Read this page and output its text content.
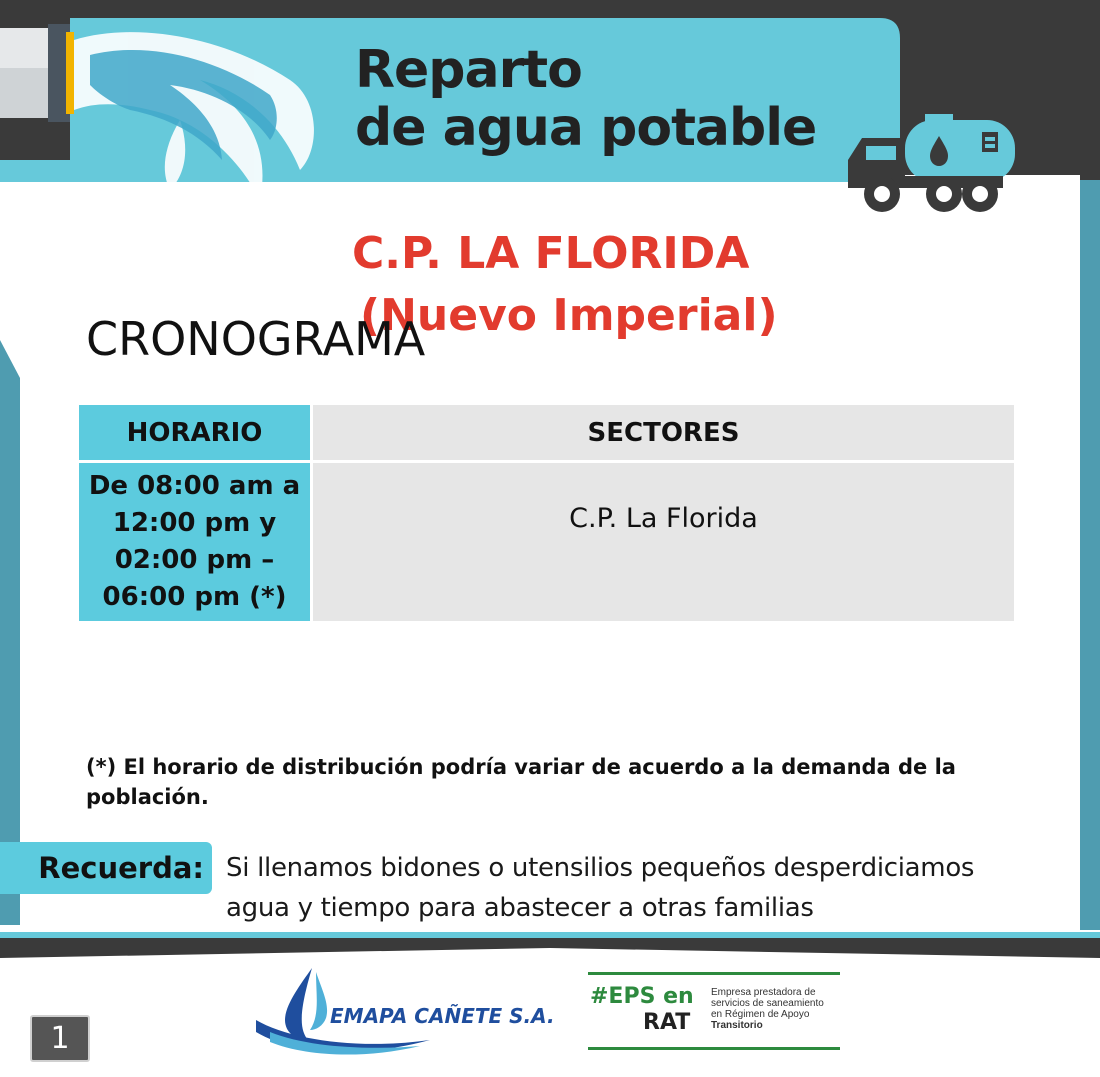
Reparto
de agua potable
C.P. LA FLORIDA
(Nuevo Imperial)
CRONOGRAMA
HORARIO	SECTORES
De 08:00 am a 12:00 pm y 02:00 pm – 06:00 pm (*)
C.P. La Florida
(*) El horario de distribución podría variar de acuerdo a la demanda de la población.
Recuerda: Si llenamos bidones o utensilios pequeños desperdiciamos agua y tiempo para abastecer a otras familias
EMAPA CAÑETE S.A.
#EPS en
RAT
Empresa prestadora de
servicios de saneamiento
en Régimen de Apoyo
Transitorio
1
